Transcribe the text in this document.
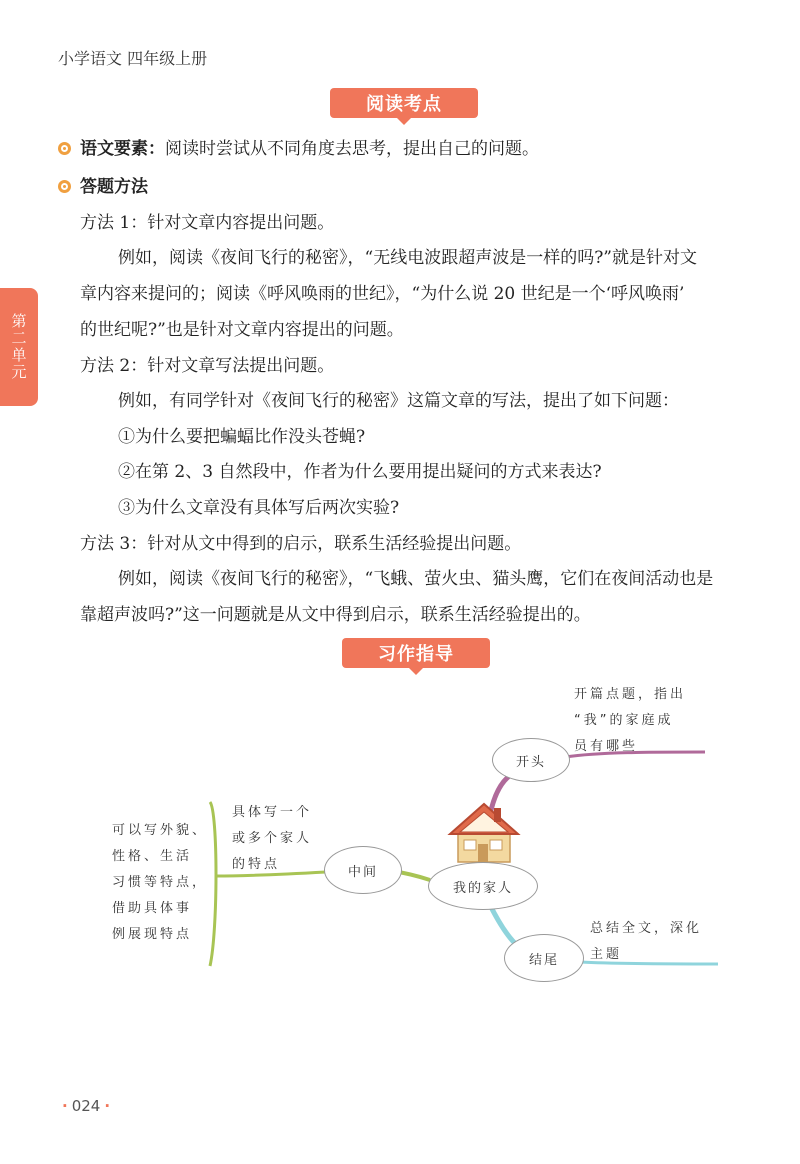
小学语文 四年级上册
第二单元
阅读考点
语文要素：阅读时尝试从不同角度去思考，提出自己的问题。
答题方法
方法 1：针对文章内容提出问题。
例如，阅读《夜间飞行的秘密》，“无线电波跟超声波是一样的吗?”就是针对文
章内容来提问的；阅读《呼风唤雨的世纪》，“为什么说 20 世纪是一个‘呼风唤雨’
的世纪呢?”也是针对文章内容提出的问题。
方法 2：针对文章写法提出问题。
例如，有同学针对《夜间飞行的秘密》这篇文章的写法，提出了如下问题：
①为什么要把蝙蝠比作没头苍蝇?
②在第 2、3 自然段中，作者为什么要用提出疑问的方式来表达?
③为什么文章没有具体写后两次实验?
方法 3：针对从文中得到的启示，联系生活经验提出问题。
例如，阅读《夜间飞行的秘密》，“飞蛾、萤火虫、猫头鹰，它们在夜间活动也是
靠超声波吗?”这一问题就是从文中得到启示，联系生活经验提出的。
习作指导
我的家人
开头
开篇点题，指出
“我”的家庭成
员有哪些
中间
具体写一个
或多个家人
的特点
可以写外貌、
性格、生活
习惯等特点，
借助具体事
例展现特点
结尾
总结全文，深化
主题
· 024 ·
